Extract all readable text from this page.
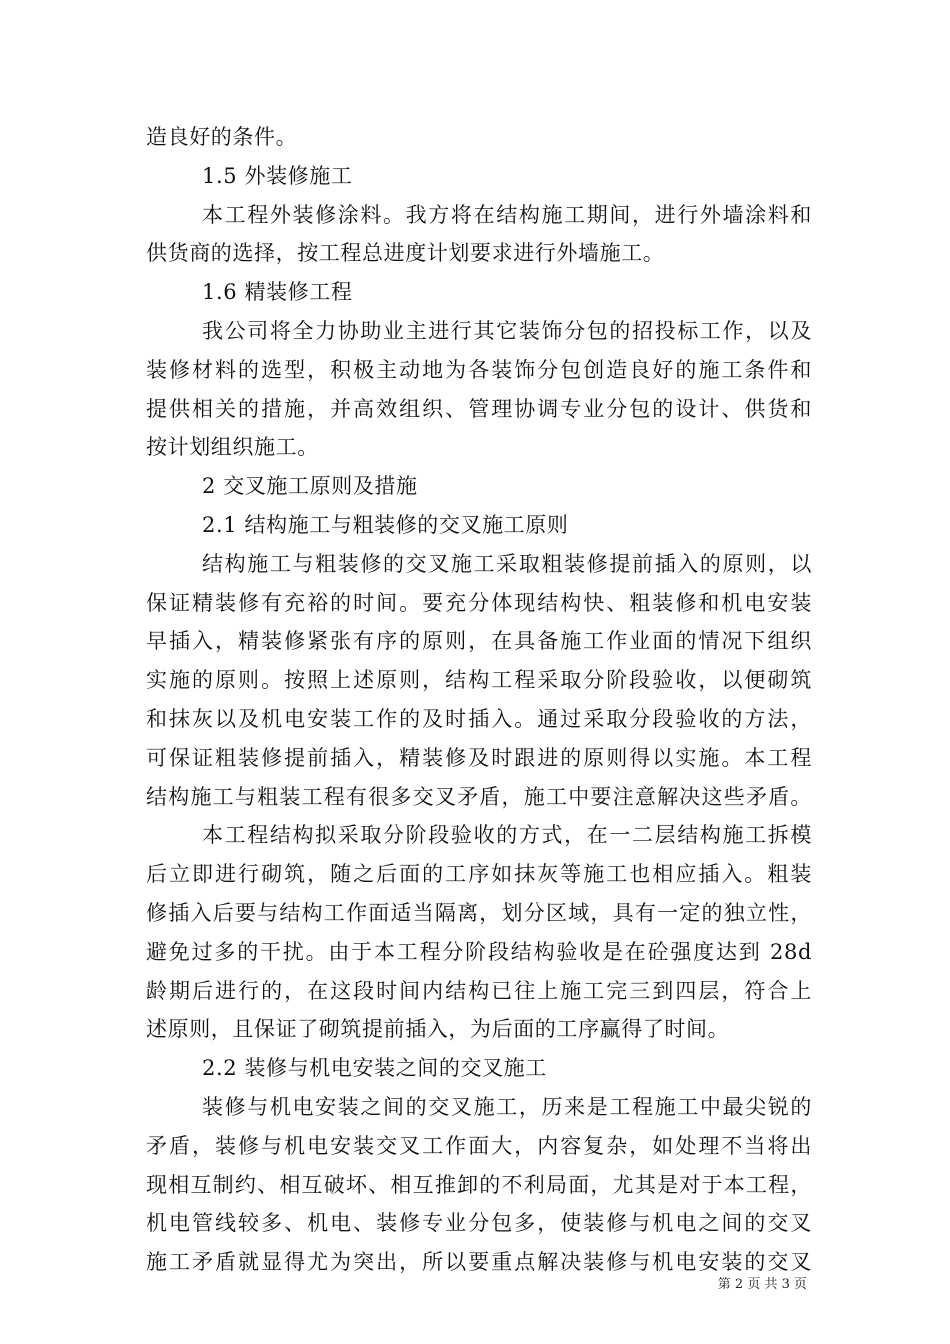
造良好的条件。
1.5 外装修施工
本工程外装修涂料。我方将在结构施工期间，进行外墙涂料和
供货商的选择，按工程总进度计划要求进行外墙施工。
1.6 精装修工程
我公司将全力协助业主进行其它装饰分包的招投标工作，以及
装修材料的选型，积极主动地为各装饰分包创造良好的施工条件和
提供相关的措施，并高效组织、管理协调专业分包的设计、供货和
按计划组织施工。
2 交叉施工原则及措施
2.1 结构施工与粗装修的交叉施工原则
结构施工与粗装修的交叉施工采取粗装修提前插入的原则，以
保证精装修有充裕的时间。要充分体现结构快、粗装修和机电安装
早插入，精装修紧张有序的原则，在具备施工作业面的情况下组织
实施的原则。按照上述原则，结构工程采取分阶段验收，以便砌筑
和抹灰以及机电安装工作的及时插入。通过采取分段验收的方法，
可保证粗装修提前插入，精装修及时跟进的原则得以实施。本工程
结构施工与粗装工程有很多交叉矛盾，施工中要注意解决这些矛盾。
本工程结构拟采取分阶段验收的方式，在一二层结构施工拆模
后立即进行砌筑，随之后面的工序如抹灰等施工也相应插入。粗装
修插入后要与结构工作面适当隔离，划分区域，具有一定的独立性，
避免过多的干扰。由于本工程分阶段结构验收是在砼强度达到 28d
龄期后进行的，在这段时间内结构已往上施工完三到四层，符合上
述原则，且保证了砌筑提前插入，为后面的工序赢得了时间。
2.2 装修与机电安装之间的交叉施工
装修与机电安装之间的交叉施工，历来是工程施工中最尖锐的
矛盾，装修与机电安装交叉工作面大，内容复杂，如处理不当将出
现相互制约、相互破坏、相互推卸的不利局面，尤其是对于本工程，
机电管线较多、机电、装修专业分包多，使装修与机电之间的交叉
施工矛盾就显得尤为突出，所以要重点解决装修与机电安装的交叉
第 2 页 共 3 页
